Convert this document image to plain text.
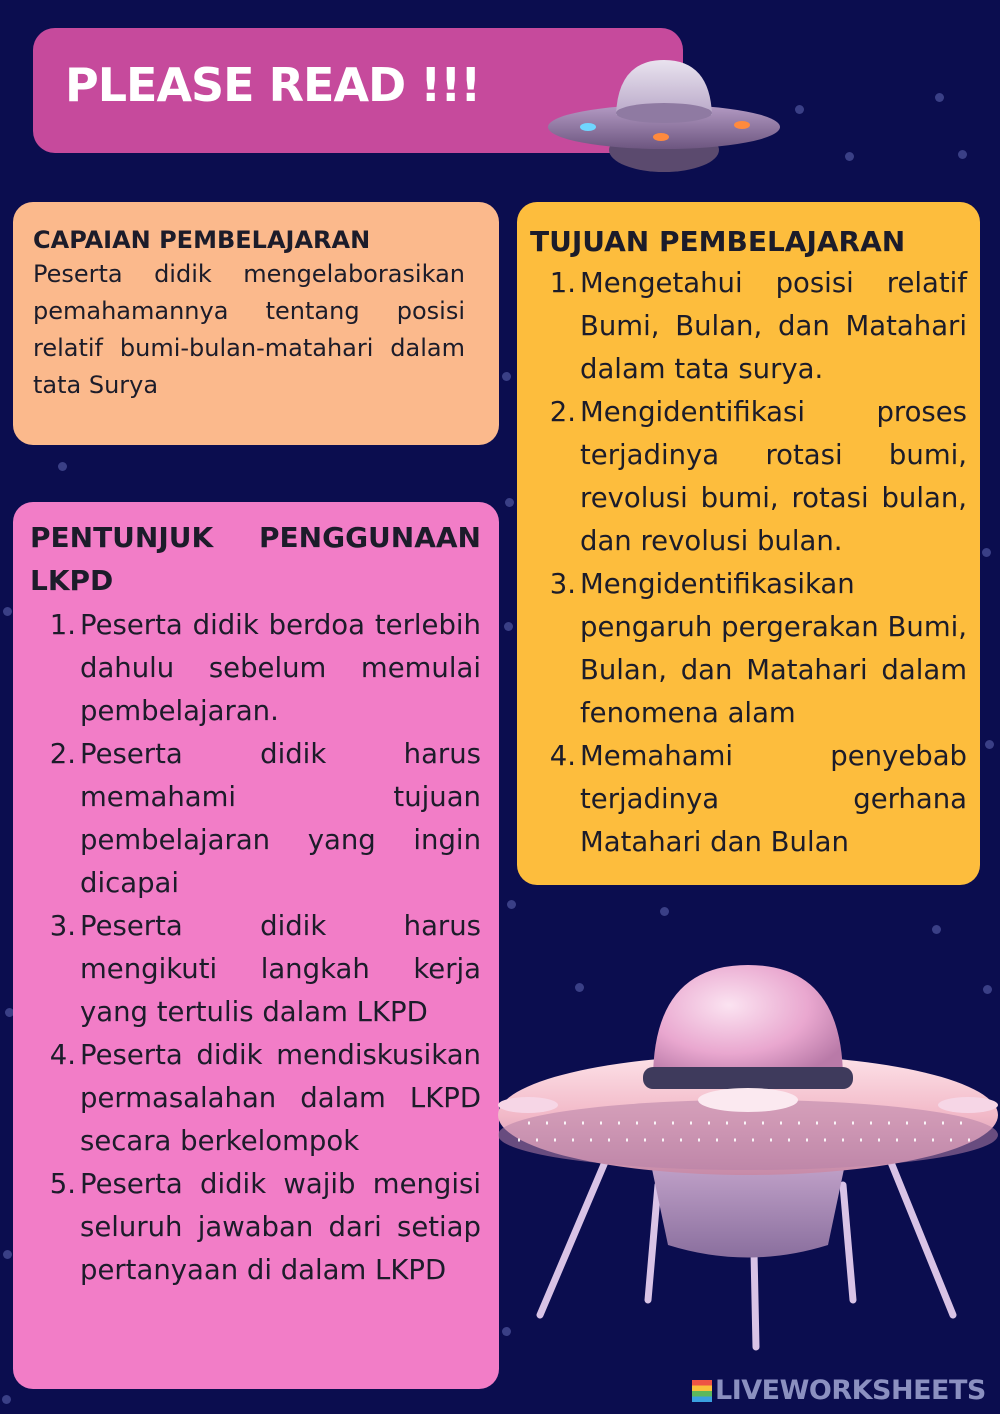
PLEASE READ !!!
CAPAIAN PEMBELAJARAN

Peserta didik mengelaborasikan pemahamannya tentang posisi relatif bumi-bulan-matahari dalam tata Surya

TUJUAN PEMBELAJARAN
1. Mengetahui posisi relatif Bumi, Bulan, dan Matahari dalam tata surya.
2. Mengidentifikasi proses terjadinya rotasi bumi, revolusi bumi, rotasi bulan, dan revolusi bulan.
3. Mengidentifikasikan pengaruh pergerakan Bumi, Bulan, dan Matahari dalam fenomena alam
4. Memahami penyebab terjadinya gerhana Matahari dan Bulan
PENTUNJUK PENGGUNAAN LKPD
1. Peserta didik berdoa terlebih dahulu sebelum memulai pembelajaran.
2. Peserta didik harus memahami tujuan pembelajaran yang ingin dicapai
3. Peserta didik harus mengikuti langkah kerja yang tertulis dalam LKPD
4. Peserta didik mendiskusikan permasalahan dalam LKPD secara berkelompok
5. Peserta didik wajib mengisi seluruh jawaban dari setiap pertanyaan di dalam LKPD
LIVEWORKSHEETS
